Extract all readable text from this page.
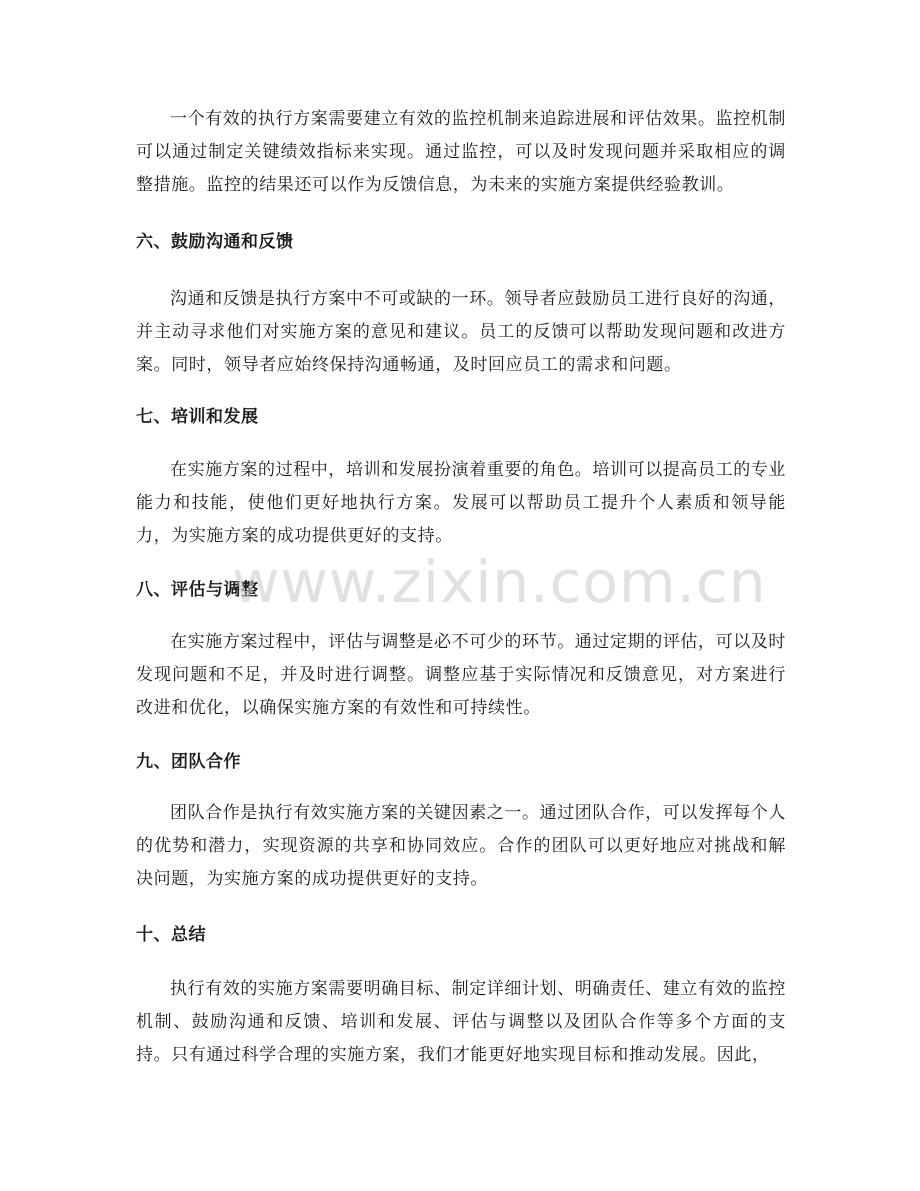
一个有效的执行方案需要建立有效的监控机制来追踪进展和评估效果。监控机制可以通过制定关键绩效指标来实现。通过监控，可以及时发现问题并采取相应的调整措施。监控的结果还可以作为反馈信息，为未来的实施方案提供经验教训。

六、鼓励沟通和反馈

沟通和反馈是执行方案中不可或缺的一环。领导者应鼓励员工进行良好的沟通，并主动寻求他们对实施方案的意见和建议。员工的反馈可以帮助发现问题和改进方案。同时，领导者应始终保持沟通畅通，及时回应员工的需求和问题。

七、培训和发展

在实施方案的过程中，培训和发展扮演着重要的角色。培训可以提高员工的专业能力和技能，使他们更好地执行方案。发展可以帮助员工提升个人素质和领导能力，为实施方案的成功提供更好的支持。

八、评估与调整

在实施方案过程中，评估与调整是必不可少的环节。通过定期的评估，可以及时发现问题和不足，并及时进行调整。调整应基于实际情况和反馈意见，对方案进行改进和优化，以确保实施方案的有效性和可持续性。

九、团队合作

团队合作是执行有效实施方案的关键因素之一。通过团队合作，可以发挥每个人的优势和潜力，实现资源的共享和协同效应。合作的团队可以更好地应对挑战和解决问题，为实施方案的成功提供更好的支持。

十、总结

执行有效的实施方案需要明确目标、制定详细计划、明确责任、建立有效的监控机制、鼓励沟通和反馈、培训和发展、评估与调整以及团队合作等多个方面的支持。只有通过科学合理的实施方案，我们才能更好地实现目标和推动发展。因此，

www.zixin.com.cn
